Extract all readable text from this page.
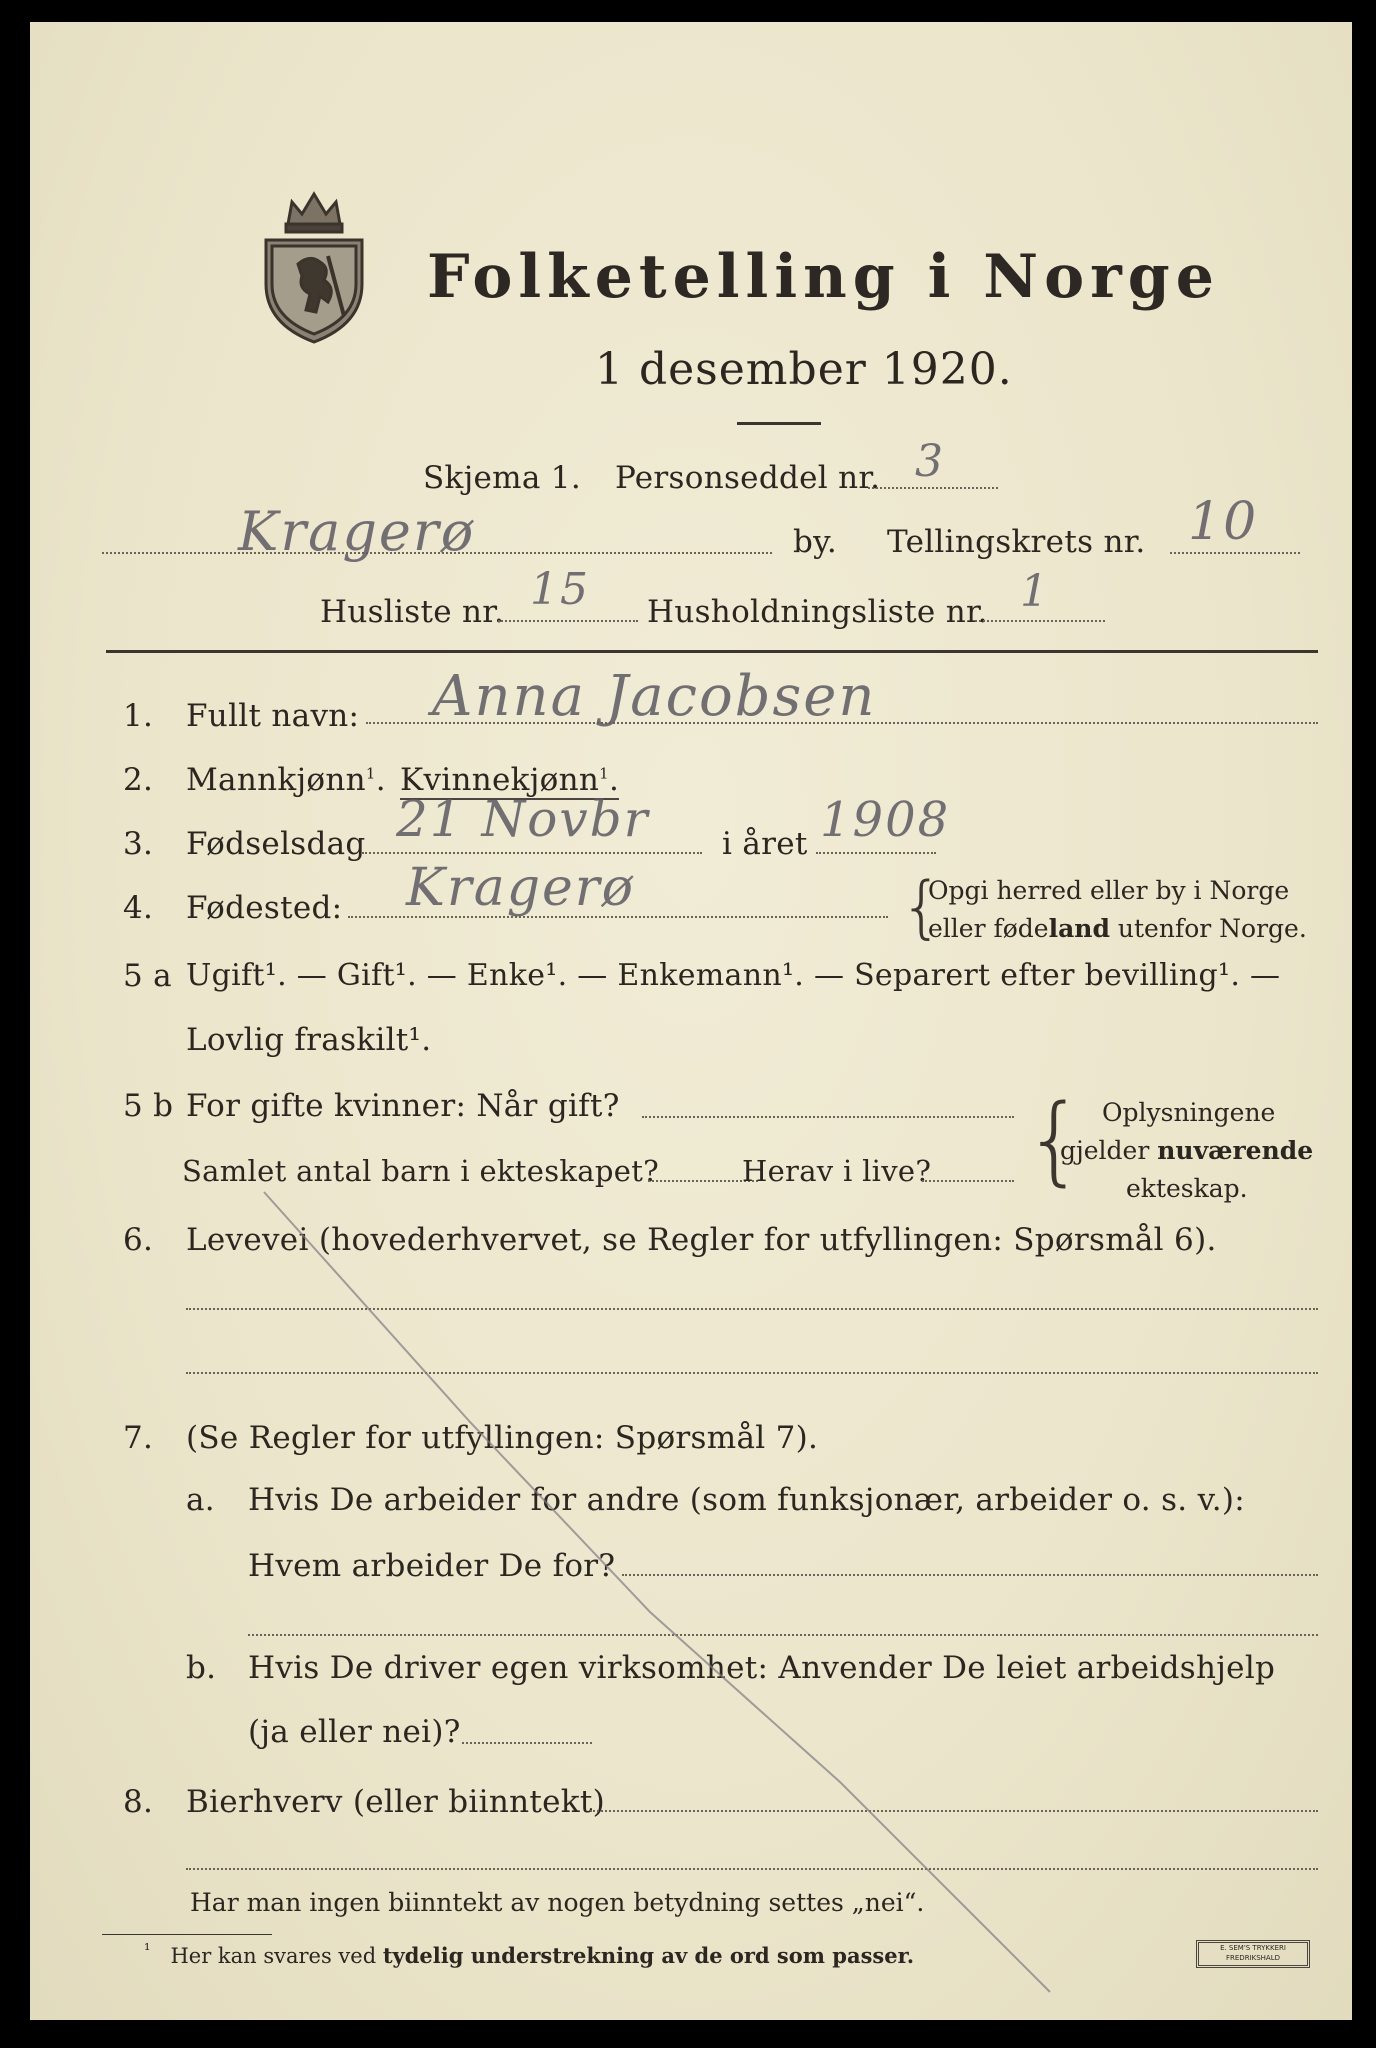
Folketelling i Norge
1 desember 1920.
Skjema 1. Personseddel nr. 3
Kragerø	by. Tellingskrets nr. 10
Husliste nr. 15 Husholdningsliste nr. 1
1. Fullt navn: Anna Jacobsen
2. Mannkjønn$^1$. Kvinnekjønn$^1$.
3. Fødselsdag 21 Novbr i året 1908
4. Fødested: Kragerø	{
Opgi herred eller by i Norge
eller fødeland utenfor Norge.
5 a Ugift¹. — Gift¹. — Enke¹. — Enkemann¹. — Separert efter bevilling¹. —
Lovlig fraskilt¹.
5 b For gifte kvinner: Når gift?
Samlet antal barn i ekteskapet?	Herav i live? { Oplysningene
gjelder nuværende
ekteskap.
6. Levevei (hovederhvervet, se Regler for utfyllingen: Spørsmål 6).
7. (Se Regler for utfyllingen: Spørsmål 7).
a. Hvis De arbeider for andre (som funksjonær, arbeider o. s. v.):
Hvem arbeider De for?
b. Hvis De driver egen virksomhet: Anvender De leiet arbeidshjelp
(ja eller nei)?
8. Bierhverv (eller biinntekt)
Har man ingen biinntekt av nogen betydning settes „nei“.
$^{^1}$ Her kan svares ved tydelig understrekning av de ord som passer.	E. SEM'S TRYKKERI
FREDRIKSHALD
